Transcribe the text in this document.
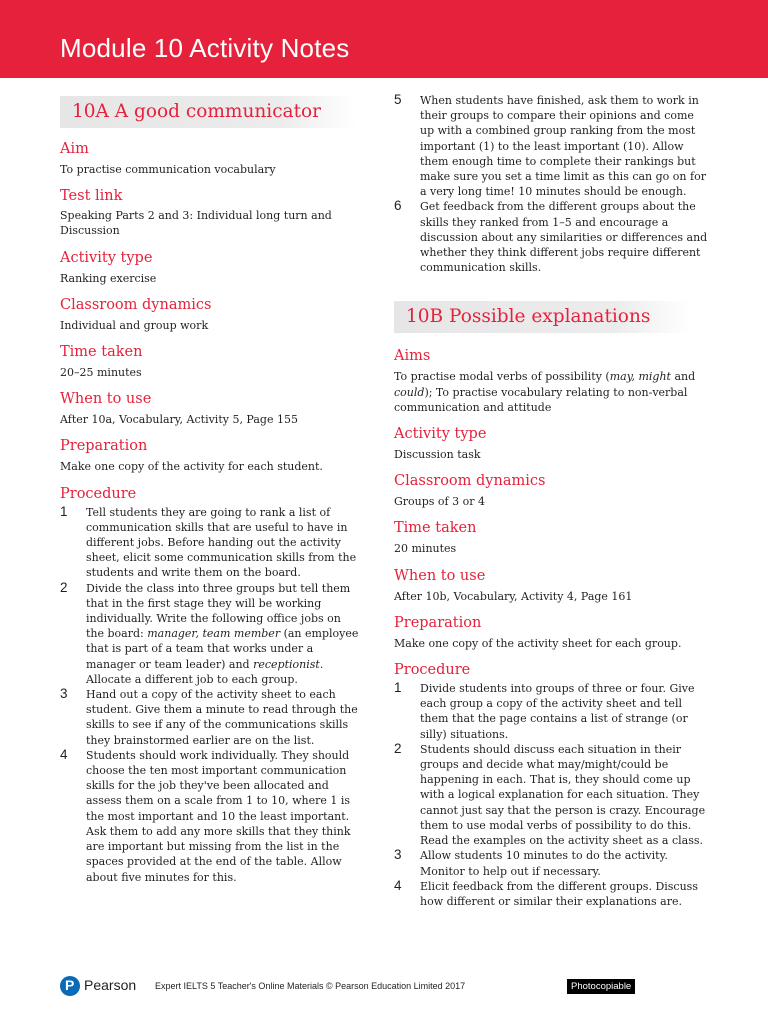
Module 10 Activity Notes
10A A good communicator
Aim
To practise communication vocabulary
Test link
Speaking Parts 2 and 3: Individual long turn and Discussion
Activity type
Ranking exercise
Classroom dynamics
Individual and group work
Time taken
20–25 minutes
When to use
After 10a, Vocabulary, Activity 5, Page 155
Preparation
Make one copy of the activity for each student.
Procedure
1 Tell students they are going to rank a list of communication skills that are useful to have in different jobs. Before handing out the activity sheet, elicit some communication skills from the students and write them on the board.
2 Divide the class into three groups but tell them that in the first stage they will be working individually. Write the following office jobs on the board: manager, team member (an employee that is part of a team that works under a manager or team leader) and receptionist. Allocate a different job to each group.
3 Hand out a copy of the activity sheet to each student. Give them a minute to read through the skills to see if any of the communications skills they brainstormed earlier are on the list.
4 Students should work individually. They should choose the ten most important communication skills for the job they've been allocated and assess them on a scale from 1 to 10, where 1 is the most important and 10 the least important. Ask them to add any more skills that they think are important but missing from the list in the spaces provided at the end of the table. Allow about five minutes for this.
5 When students have finished, ask them to work in their groups to compare their opinions and come up with a combined group ranking from the most important (1) to the least important (10). Allow them enough time to complete their rankings but make sure you set a time limit as this can go on for a very long time! 10 minutes should be enough.
6 Get feedback from the different groups about the skills they ranked from 1–5 and encourage a discussion about any similarities or differences and whether they think different jobs require different communication skills.
10B Possible explanations
Aims
To practise modal verbs of possibility (may, might and could); To practise vocabulary relating to non-verbal communication and attitude
Activity type
Discussion task
Classroom dynamics
Groups of 3 or 4
Time taken
20 minutes
When to use
After 10b, Vocabulary, Activity 4, Page 161
Preparation
Make one copy of the activity sheet for each group.
Procedure
1 Divide students into groups of three or four. Give each group a copy of the activity sheet and tell them that the page contains a list of strange (or silly) situations.
2 Students should discuss each situation in their groups and decide what may/might/could be happening in each. That is, they should come up with a logical explanation for each situation. They cannot just say that the person is crazy. Encourage them to use modal verbs of possibility to do this. Read the examples on the activity sheet as a class.
3 Allow students 10 minutes to do the activity. Monitor to help out if necessary.
4 Elicit feedback from the different groups. Discuss how different or similar their explanations are.
P Pearson Expert IELTS 5 Teacher's Online Materials © Pearson Education Limited 2017	Photocopiable
